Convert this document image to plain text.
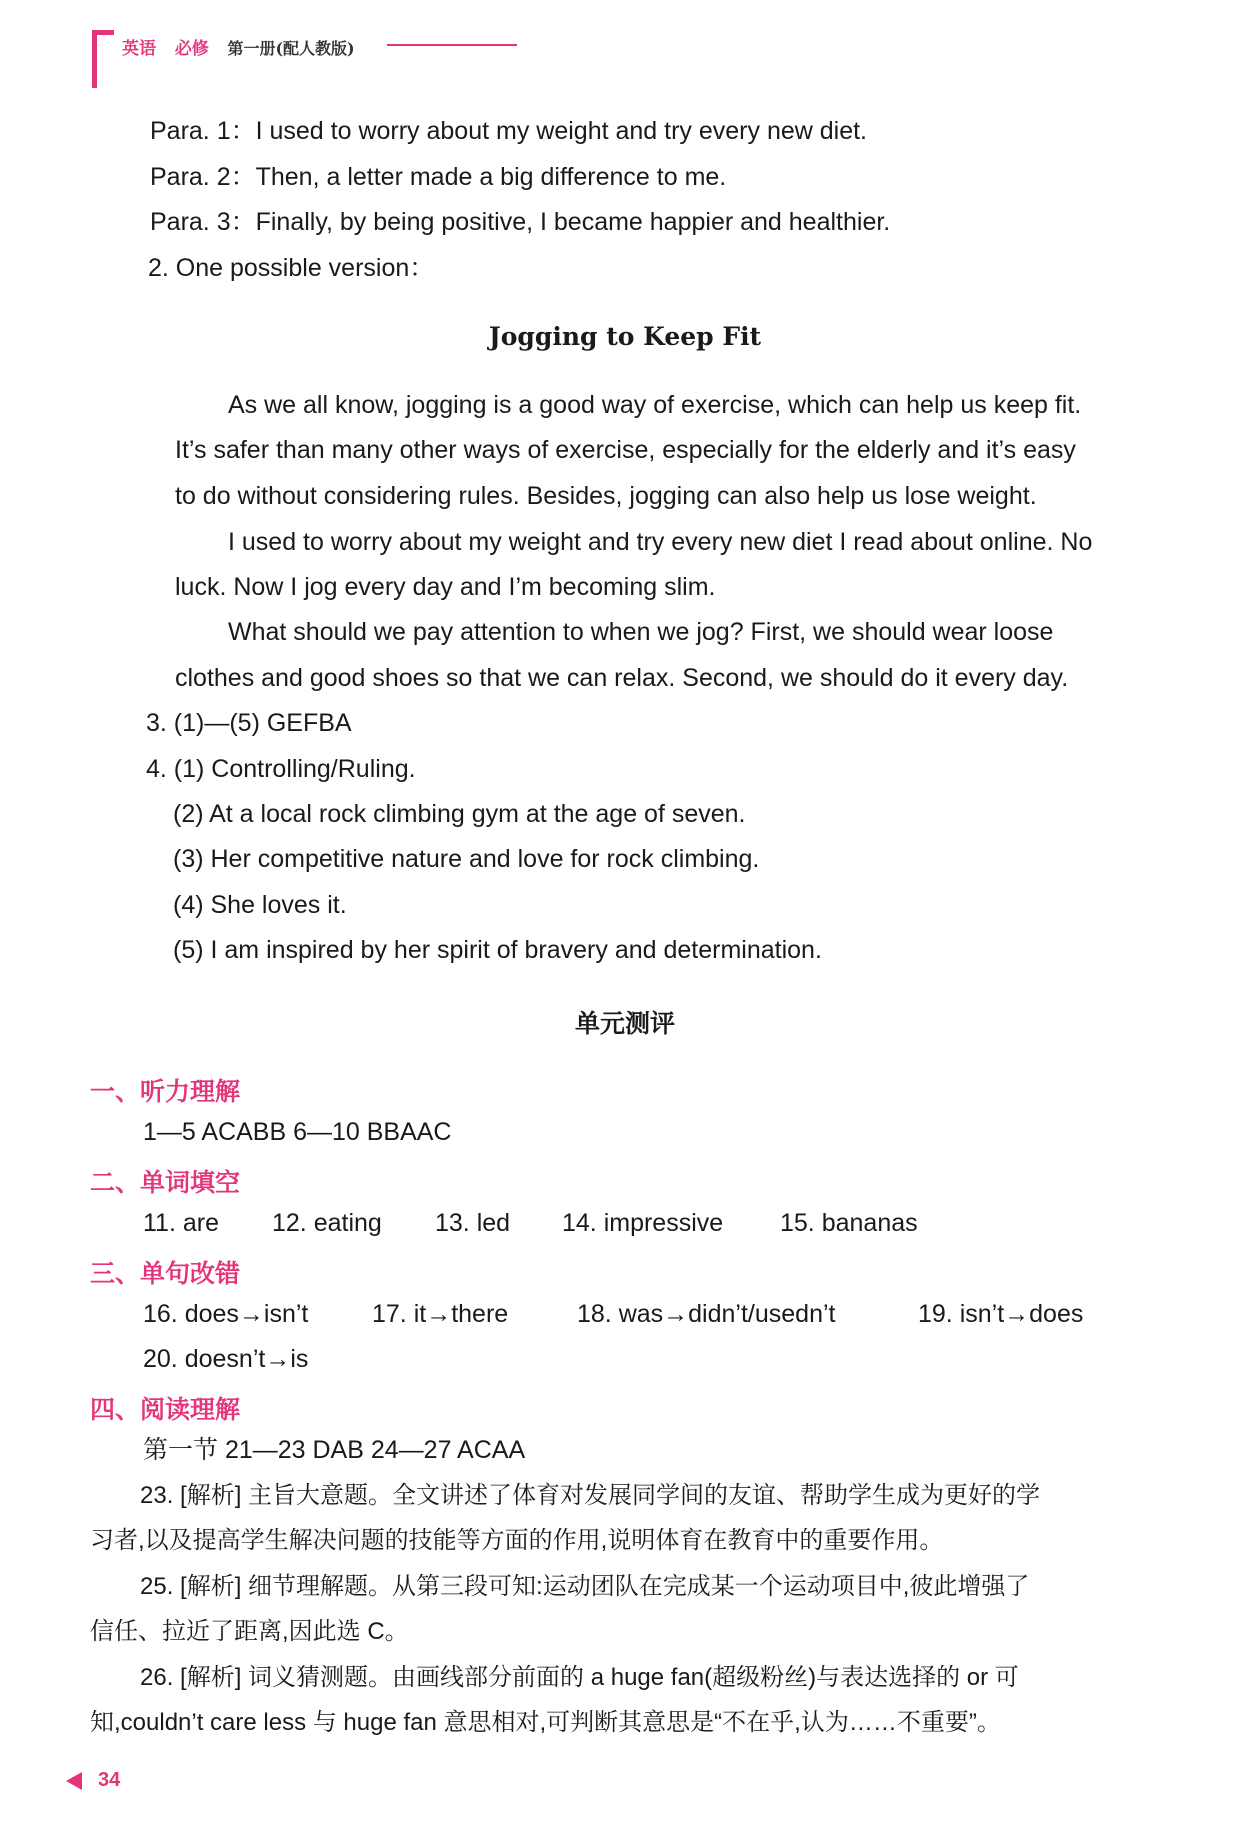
英语 必修 第一册(配人教版)
Para. 1：I used to worry about my weight and try every new diet.
Para. 2：Then, a letter made a big difference to me.
Para. 3：Finally, by being positive, I became happier and healthier.
2. One possible version：
Jogging to Keep Fit
As we all know, jogging is a good way of exercise, which can help us keep fit.
It’s safer than many other ways of exercise, especially for the elderly and it’s easy
to do without considering rules. Besides, jogging can also help us lose weight.
I used to worry about my weight and try every new diet I read about online. No
luck. Now I jog every day and I’m becoming slim.
What should we pay attention to when we jog? First, we should wear loose
clothes and good shoes so that we can relax. Second, we should do it every day.
3. (1)—(5) GEFBA
4. (1) Controlling/Ruling.
(2) At a local rock climbing gym at the age of seven.
(3) Her competitive nature and love for rock climbing.
(4) She loves it.
(5) I am inspired by her spirit of bravery and determination.
单元测评
一、听力理解
1—5 ACABB 6—10 BBAAC
二、单词填空
11. are 12. eating 13. led 14. impressive 15. bananas
三、单句改错
16. does→isn’t	17. it→there	18. was→didn’t/usedn’t	19. isn’t→does
20. doesn’t→is
四、阅读理解
第一节 21—23 DAB 24—27 ACAA
23. [解析] 主旨大意题。全文讲述了体育对发展同学间的友谊、帮助学生成为更好的学
习者,以及提高学生解决问题的技能等方面的作用,说明体育在教育中的重要作用。
25. [解析] 细节理解题。从第三段可知:运动团队在完成某一个运动项目中,彼此增强了
信任、拉近了距离,因此选 C。
26. [解析] 词义猜测题。由画线部分前面的 a huge fan(超级粉丝)与表达选择的 or 可
知,couldn’t care less 与 huge fan 意思相对,可判断其意思是“不在乎,认为……不重要”。
34
